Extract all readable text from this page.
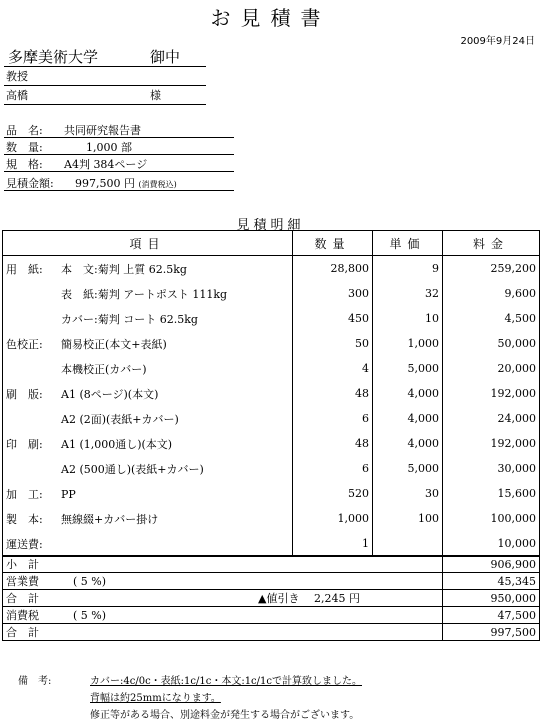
お見積書
2009年9月24日
多摩美術大学	御中
教授
高橋	様
品　名: 共同研究報告書
数　量:　　1,000 部
規　格: A4判 384ページ
見積金額:　997,500 円 (消費税込)
見積明細
項目	数量	単価	料金
用　紙: 本　文:菊判 上質 62.5kg	28,800	9	259,200
表　紙:菊判 アートポスト 111kg	300	32	9,600
カバー:菊判 コート 62.5kg	450	10	4,500
色校正: 簡易校正(本文+表紙)	50	1,000	50,000
本機校正(カバー)	4	5,000	20,000
刷　版: A1 (8ページ)(本文)	48	4,000	192,000
A2 (2面)(表紙+カバー)	6	4,000	24,000
印　刷: A1 (1,000通し)(本文)	48	4,000	192,000
A2 (500通し)(表紙+カバー)	6	5,000	30,000
加　工: PP	520	30	15,600
製　本: 無線綴+カバー掛け	1,000	100	100,000
運送費:	1		10,000
小　計	906,900
営業費 ( 5 %)	45,345
合　計 ▲値引き　 2,245 円	950,000
消費税 ( 5 %)	47,500
合　計	997,500
備　考:	カバー:4c/0c・表紙:1c/1c・本文:1c/1cで計算致しました。
背幅は約25mmになります。
修正等がある場合、別途料金が発生する場合がございます。
